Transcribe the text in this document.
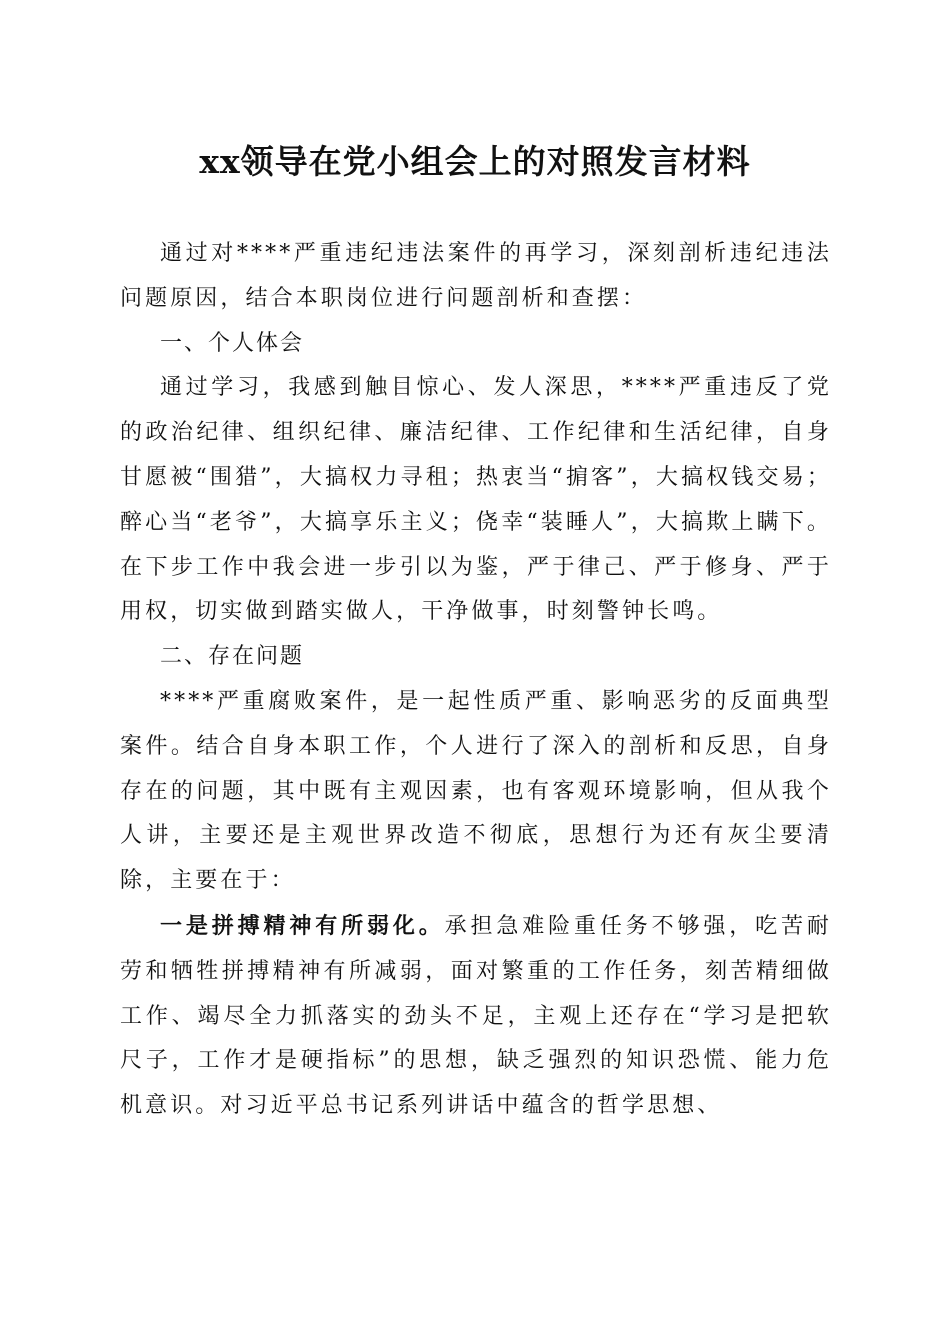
xx领导在党小组会上的对照发言材料

通过对****严重违纪违法案件的再学习，深刻剖析违纪违法问题原因，结合本职岗位进行问题剖析和查摆：

一、个人体会

通过学习，我感到触目惊心、发人深思，****严重违反了党的政治纪律、组织纪律、廉洁纪律、工作纪律和生活纪律，自身甘愿被“围猎”，大搞权力寻租；热衷当“掮客”，大搞权钱交易；醉心当“老爷”，大搞享乐主义；侥幸“装睡人”，大搞欺上瞒下。在下步工作中我会进一步引以为鉴，严于律己、严于修身、严于用权，切实做到踏实做人，干净做事，时刻警钟长鸣。

二、存在问题

****严重腐败案件，是一起性质严重、影响恶劣的反面典型案件。结合自身本职工作，个人进行了深入的剖析和反思，自身存在的问题，其中既有主观因素，也有客观环境影响，但从我个人讲，主要还是主观世界改造不彻底，思想行为还有灰尘要清除，主要在于：

一是拼搏精神有所弱化。承担急难险重任务不够强，吃苦耐劳和牺牲拼搏精神有所减弱，面对繁重的工作任务，刻苦精细做工作、竭尽全力抓落实的劲头不足，主观上还存在“学习是把软尺子，工作才是硬指标”的思想，缺乏强烈的知识恐慌、能力危机意识。对习近平总书记系列讲话中蕴含的哲学思想、
